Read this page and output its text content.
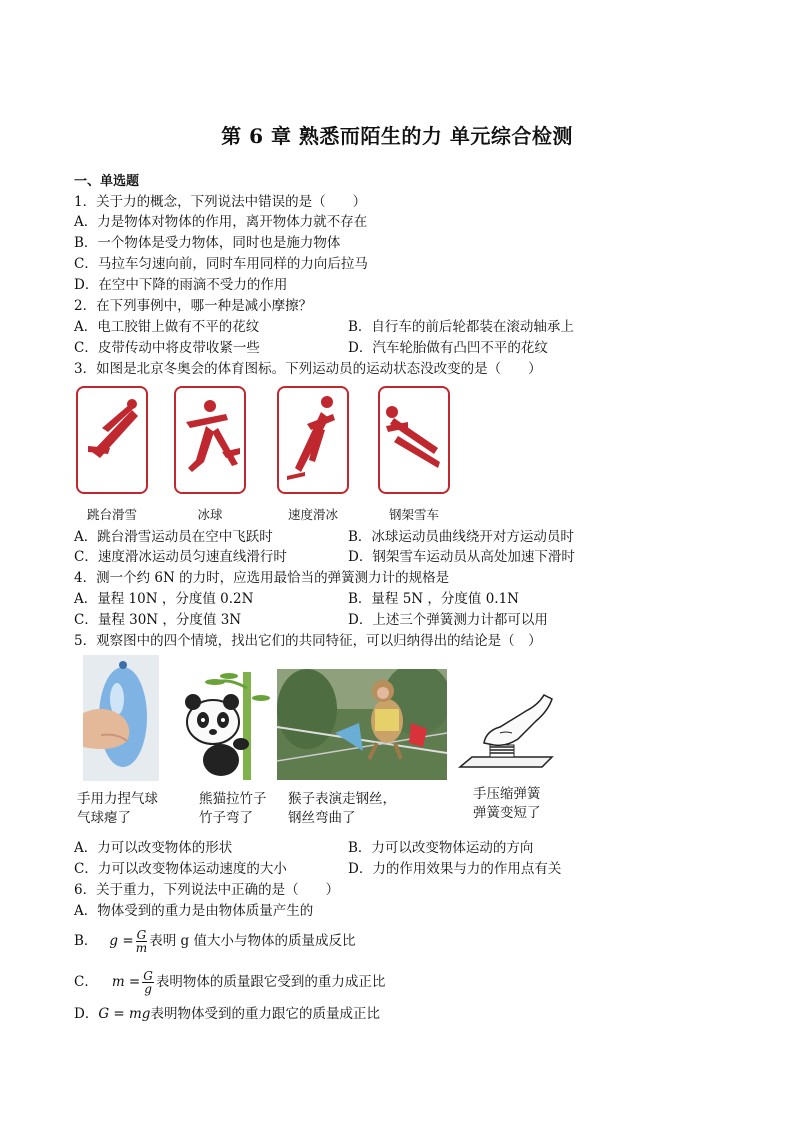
第 6 章 熟悉而陌生的力 单元综合检测
一、单选题
1．关于力的概念，下列说法中错误的是（　　）
A．力是物体对物体的作用，离开物体力就不存在
B．一个物体是受力物体，同时也是施力物体
C．马拉车匀速向前，同时车用同样的力向后拉马
D．在空中下降的雨滴不受力的作用
2．在下列事例中，哪一种是减小摩擦？
A．电工胶钳上做有不平的花纹	B．自行车的前后轮都装在滚动轴承上
C．皮带传动中将皮带收紧一些	D．汽车轮胎做有凸凹不平的花纹
3．如图是北京冬奥会的体育图标。下列运动员的运动状态没改变的是（　　）
跳台滑雪	冰球	速度滑冰	钢架雪车
A．跳台滑雪运动员在空中飞跃时	B．冰球运动员曲线绕开对方运动员时
C．速度滑冰运动员匀速直线滑行时	D．钢架雪车运动员从高处加速下滑时
4．测一个约 6N 的力时，应选用最恰当的弹簧测力计的规格是
A．量程 10N ，分度值 0.2N	B．量程 5N ，分度值 0.1N
C．量程 30N ，分度值 3N	D．上述三个弹簧测力计都可以用
5．观察图中的四个情境，找出它们的共同特征，可以归纳得出的结论是（　）
手用力捏气球
气球瘪了
熊猫拉竹子
竹子弯了
猴子表演走钢丝，
钢丝弯曲了
手压缩弹簧
弹簧变短了
A．力可以改变物体的形状	B．力可以改变物体运动的方向
C．力可以改变物体运动速度的大小	D．力的作用效果与力的作用点有关
6．关于重力，下列说法中正确的是（　　）
A．物体受到的重力是由物体质量产生的
B． $g = \frac{G}{m}$ 表明 g 值大小与物体的质量成反比
C． $m = \frac{G}{g}$ 表明物体的质量跟它受到的重力成正比
D．G = mg表明物体受到的重力跟它的质量成正比
